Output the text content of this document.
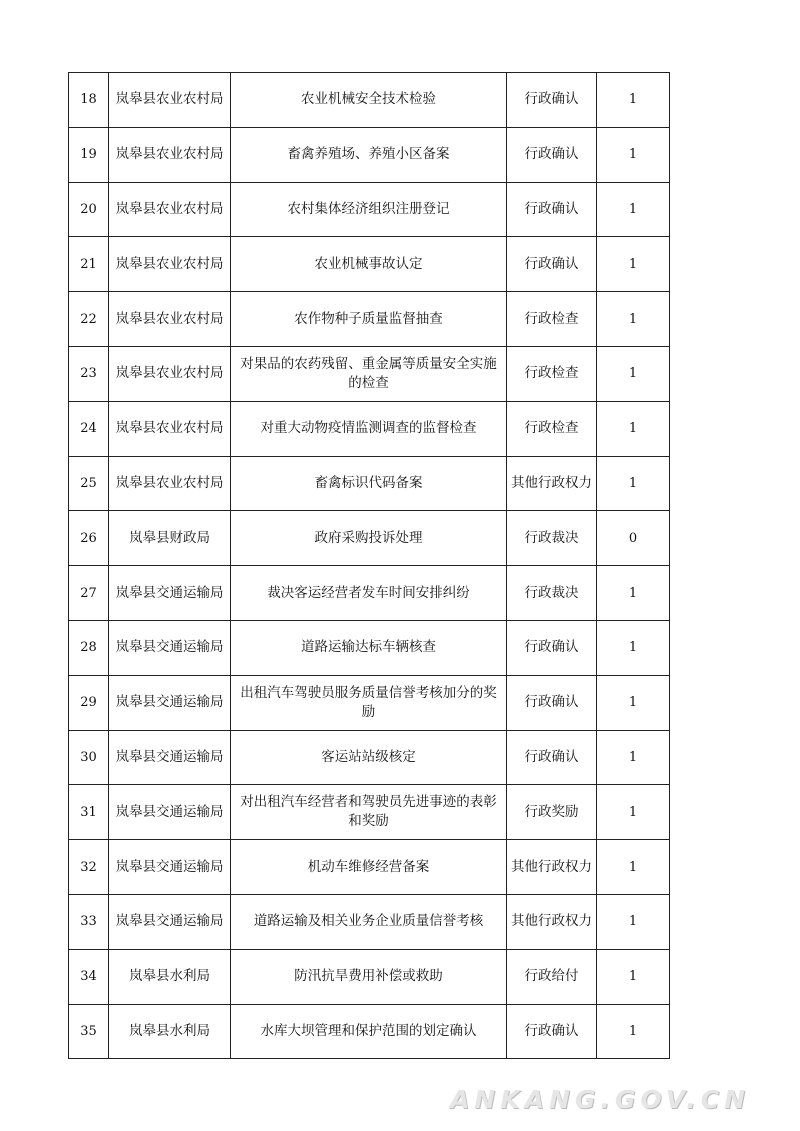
18	岚皋县农业农村局	农业机械安全技术检验	行政确认	1
19	岚皋县农业农村局	畜禽养殖场、养殖小区备案	行政确认	1
20	岚皋县农业农村局	农村集体经济组织注册登记	行政确认	1
21	岚皋县农业农村局	农业机械事故认定	行政确认	1
22	岚皋县农业农村局	农作物种子质量监督抽查	行政检查	1
23	岚皋县农业农村局	对果品的农药残留、重金属等质量安全实施的检查	行政检查	1
24	岚皋县农业农村局	对重大动物疫情监测调查的监督检查	行政检查	1
25	岚皋县农业农村局	畜禽标识代码备案	其他行政权力	1
26	岚皋县财政局	政府采购投诉处理	行政裁决	0
27	岚皋县交通运输局	裁决客运经营者发车时间安排纠纷	行政裁决	1
28	岚皋县交通运输局	道路运输达标车辆核查	行政确认	1
29	岚皋县交通运输局	出租汽车驾驶员服务质量信誉考核加分的奖励	行政确认	1
30	岚皋县交通运输局	客运站站级核定	行政确认	1
31	岚皋县交通运输局	对出租汽车经营者和驾驶员先进事迹的表彰和奖励	行政奖励	1
32	岚皋县交通运输局	机动车维修经营备案	其他行政权力	1
33	岚皋县交通运输局	道路运输及相关业务企业质量信誉考核	其他行政权力	1
34	岚皋县水利局	防汛抗旱费用补偿或救助	行政给付	1
35	岚皋县水利局	水库大坝管理和保护范围的划定确认	行政确认	1
ANKANG.GOV.CN
